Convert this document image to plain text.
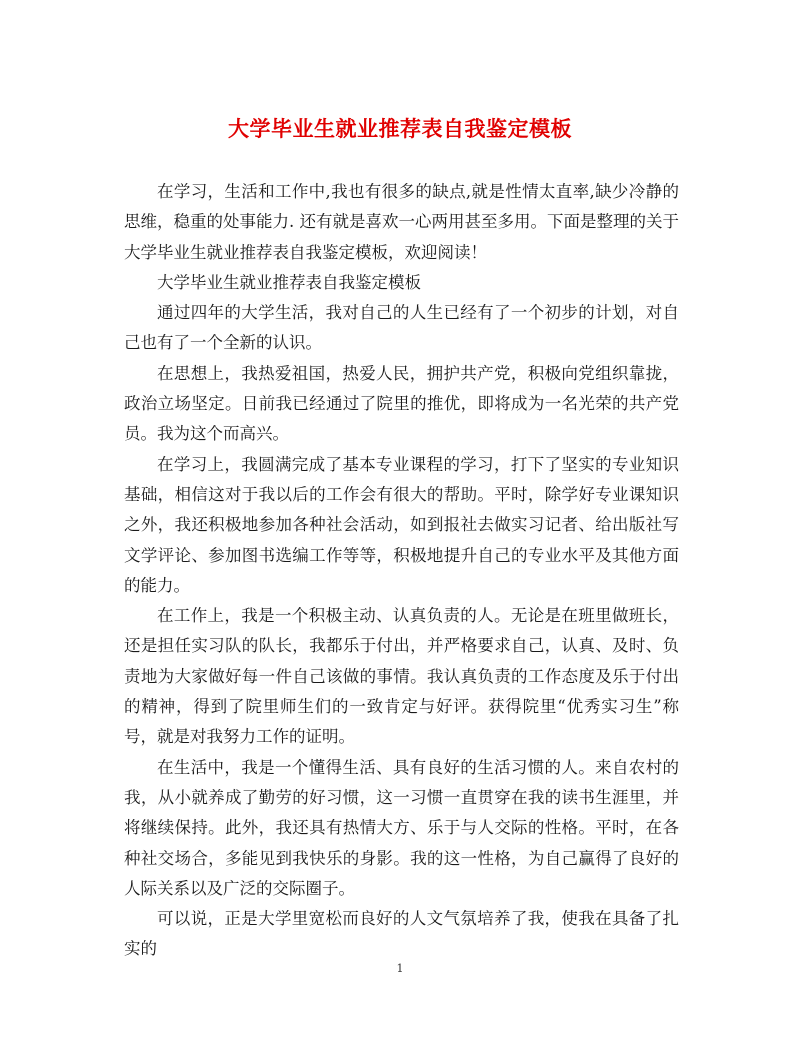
大学毕业生就业推荐表自我鉴定模板

在学习，生活和工作中,我也有很多的缺点,就是性情太直率,缺少冷静的思维，稳重的处事能力. 还有就是喜欢一心两用甚至多用。下面是整理的关于大学毕业生就业推荐表自我鉴定模板，欢迎阅读！

大学毕业生就业推荐表自我鉴定模板

通过四年的大学生活，我对自己的人生已经有了一个初步的计划，对自己也有了一个全新的认识。

在思想上，我热爱祖国，热爱人民，拥护共产党，积极向党组织靠拢，政治立场坚定。日前我已经通过了院里的推优，即将成为一名光荣的共产党员。我为这个而高兴。

在学习上，我圆满完成了基本专业课程的学习，打下了坚实的专业知识基础，相信这对于我以后的工作会有很大的帮助。平时，除学好专业课知识之外，我还积极地参加各种社会活动，如到报社去做实习记者、给出版社写文学评论、参加图书选编工作等等，积极地提升自己的专业水平及其他方面的能力。

在工作上，我是一个积极主动、认真负责的人。无论是在班里做班长，还是担任实习队的队长，我都乐于付出，并严格要求自己，认真、及时、负责地为大家做好每一件自己该做的事情。我认真负责的工作态度及乐于付出的精神，得到了院里师生们的一致肯定与好评。获得院里“优秀实习生”称号，就是对我努力工作的证明。

在生活中，我是一个懂得生活、具有良好的生活习惯的人。来自农村的我，从小就养成了勤劳的好习惯，这一习惯一直贯穿在我的读书生涯里，并将继续保持。此外，我还具有热情大方、乐于与人交际的性格。平时，在各种社交场合，多能见到我快乐的身影。我的这一性格，为自己赢得了良好的人际关系以及广泛的交际圈子。

可以说，正是大学里宽松而良好的人文气氛培养了我，使我在具备了扎实的

1
